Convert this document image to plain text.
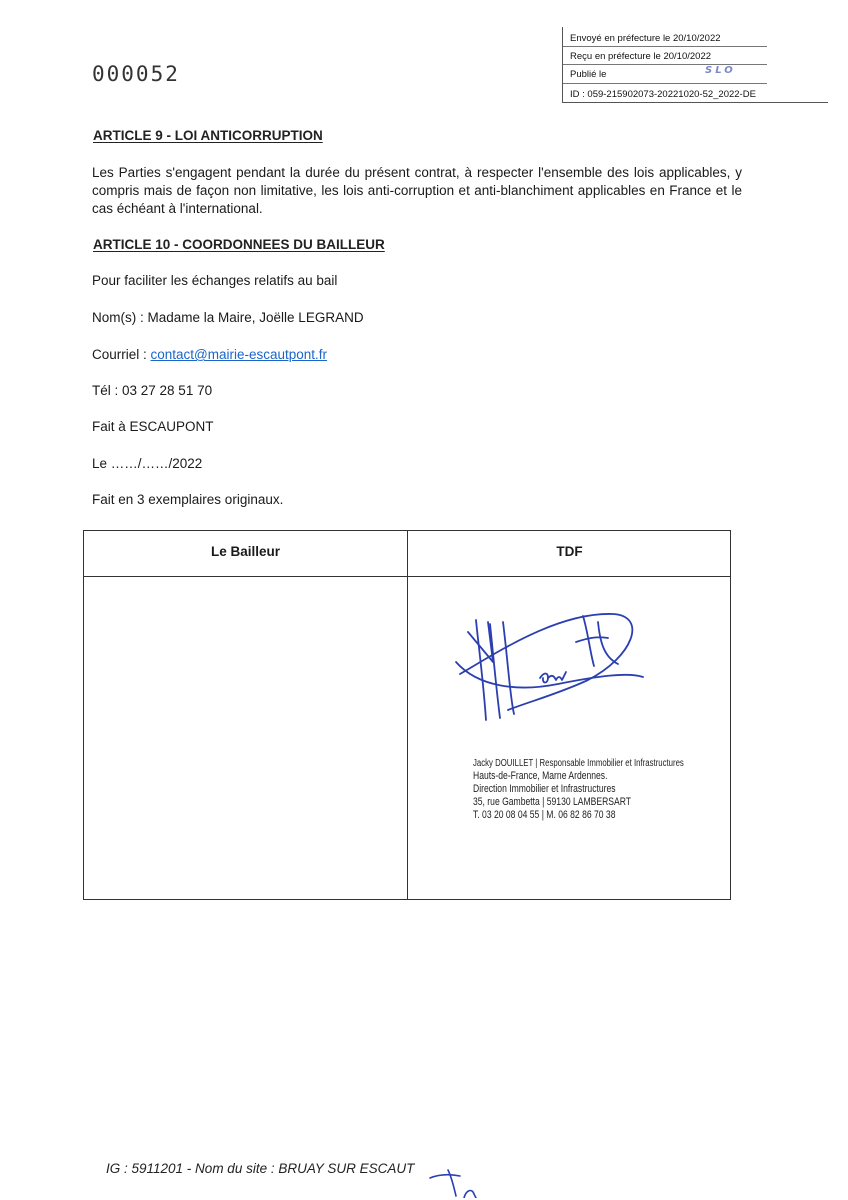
000052
Envoyé en préfecture le 20/10/2022
Reçu en préfecture le 20/10/2022
Publié le	SLO
ID : 059-215902073-20221020-52_2022-DE
ARTICLE 9 - LOI ANTICORRUPTION
Les Parties s'engagent pendant la durée du présent contrat, à respecter l'ensemble des lois applicables, y compris mais de façon non limitative, les lois anti-corruption et anti-blanchiment applicables en France et le cas échéant à l'international.
ARTICLE 10 - COORDONNEES DU BAILLEUR
Pour faciliter les échanges relatifs au bail
Nom(s) : Madame la Maire, Joëlle LEGRAND
Courriel : contact@mairie-escautpont.fr
Tél : 03 27 28 51 70
Fait à ESCAUPONT
Le ……/……/2022
Fait en 3 exemplaires originaux.
Le Bailleur	TDF
Jacky DOUILLET | Responsable Immobilier et Infrastructures
Hauts-de-France, Marne Ardennes.
Direction Immobilier et Infrastructures
35, rue Gambetta | 59130 LAMBERSART
T. 03 20 08 04 55 | M. 06 82 86 70 38
IG : 5911201 - Nom du site : BRUAY SUR ESCAUT
